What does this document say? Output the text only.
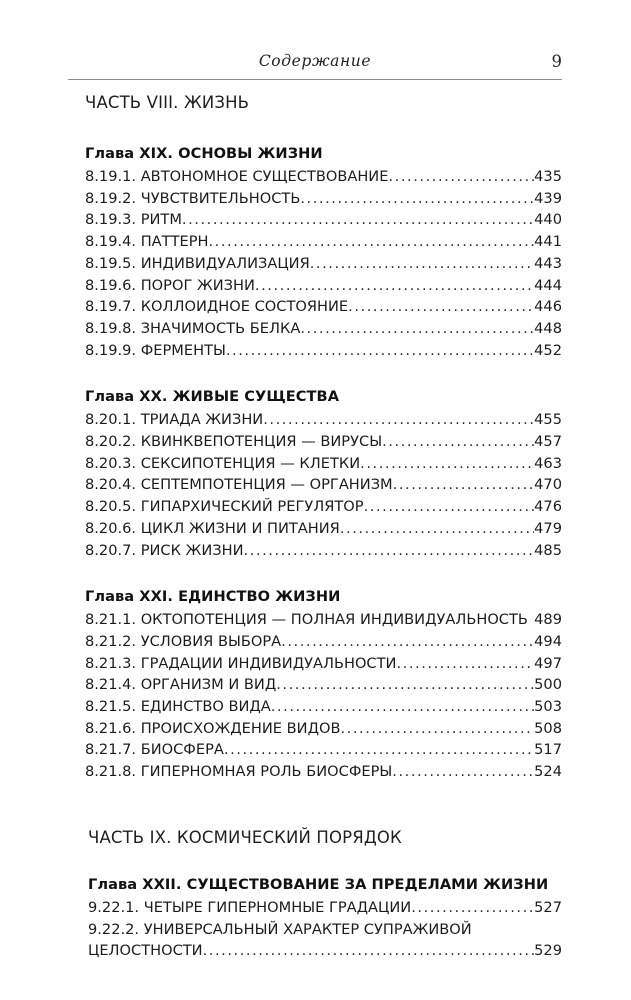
Содержание	9
ЧАСТЬ VIII. ЖИЗНЬ
Глава XIX. ОСНОВЫ ЖИЗНИ
8.19.1. АВТОНОМНОЕ СУЩЕСТВОВАНИЕ .....	435
8.19.2. ЧУВСТВИТЕЛЬНОСТЬ .....	439
8.19.3. РИТМ .....	440
8.19.4. ПАТТЕРН .....	441
8.19.5. ИНДИВИДУАЛИЗАЦИЯ .....	443
8.19.6. ПОРОГ ЖИЗНИ .....	444
8.19.7. КОЛЛОИДНОЕ СОСТОЯНИЕ .....	446
8.19.8. ЗНАЧИМОСТЬ БЕЛКА .....	448
8.19.9. ФЕРМЕНТЫ .....	452
Глава XX. ЖИВЫЕ СУЩЕСТВА
8.20.1. ТРИАДА ЖИЗНИ .....	455
8.20.2. КВИНКВЕПОТЕНЦИЯ — ВИРУСЫ .....	457
8.20.3. СЕКСИПОТЕНЦИЯ — КЛЕТКИ .....	463
8.20.4. СЕПТЕМПОТЕНЦИЯ — ОРГАНИЗМ .....	470
8.20.5. ГИПАРХИЧЕСКИЙ РЕГУЛЯТОР .....	476
8.20.6. ЦИКЛ ЖИЗНИ И ПИТАНИЯ .....	479
8.20.7. РИСК ЖИЗНИ .....	485
Глава XXI. ЕДИНСТВО ЖИЗНИ
8.21.1. ОКТОПОТЕНЦИЯ — ПОЛНАЯ ИНДИВИДУАЛЬНОСТЬ 489
8.21.2. УСЛОВИЯ ВЫБОРА .....	494
8.21.3. ГРАДАЦИИ ИНДИВИДУАЛЬНОСТИ .....	497
8.21.4. ОРГАНИЗМ И ВИД .....	500
8.21.5. ЕДИНСТВО ВИДА .....	503
8.21.6. ПРОИСХОЖДЕНИЕ ВИДОВ .....	508
8.21.7. БИОСФЕРА .....	517
8.21.8. ГИПЕРНОМНАЯ РОЛЬ БИОСФЕРЫ .....	524
ЧАСТЬ IX. КОСМИЧЕСКИЙ ПОРЯДОК
Глава XXII. СУЩЕСТВОВАНИЕ ЗА ПРЕДЕЛАМИ ЖИЗНИ
9.22.1. ЧЕТЫРЕ ГИПЕРНОМНЫЕ ГРАДАЦИИ .....	527
9.22.2. УНИВЕРСАЛЬНЫЙ ХАРАКТЕР СУПРАЖИВОЙ
ЦЕЛОСТНОСТИ .....	529
